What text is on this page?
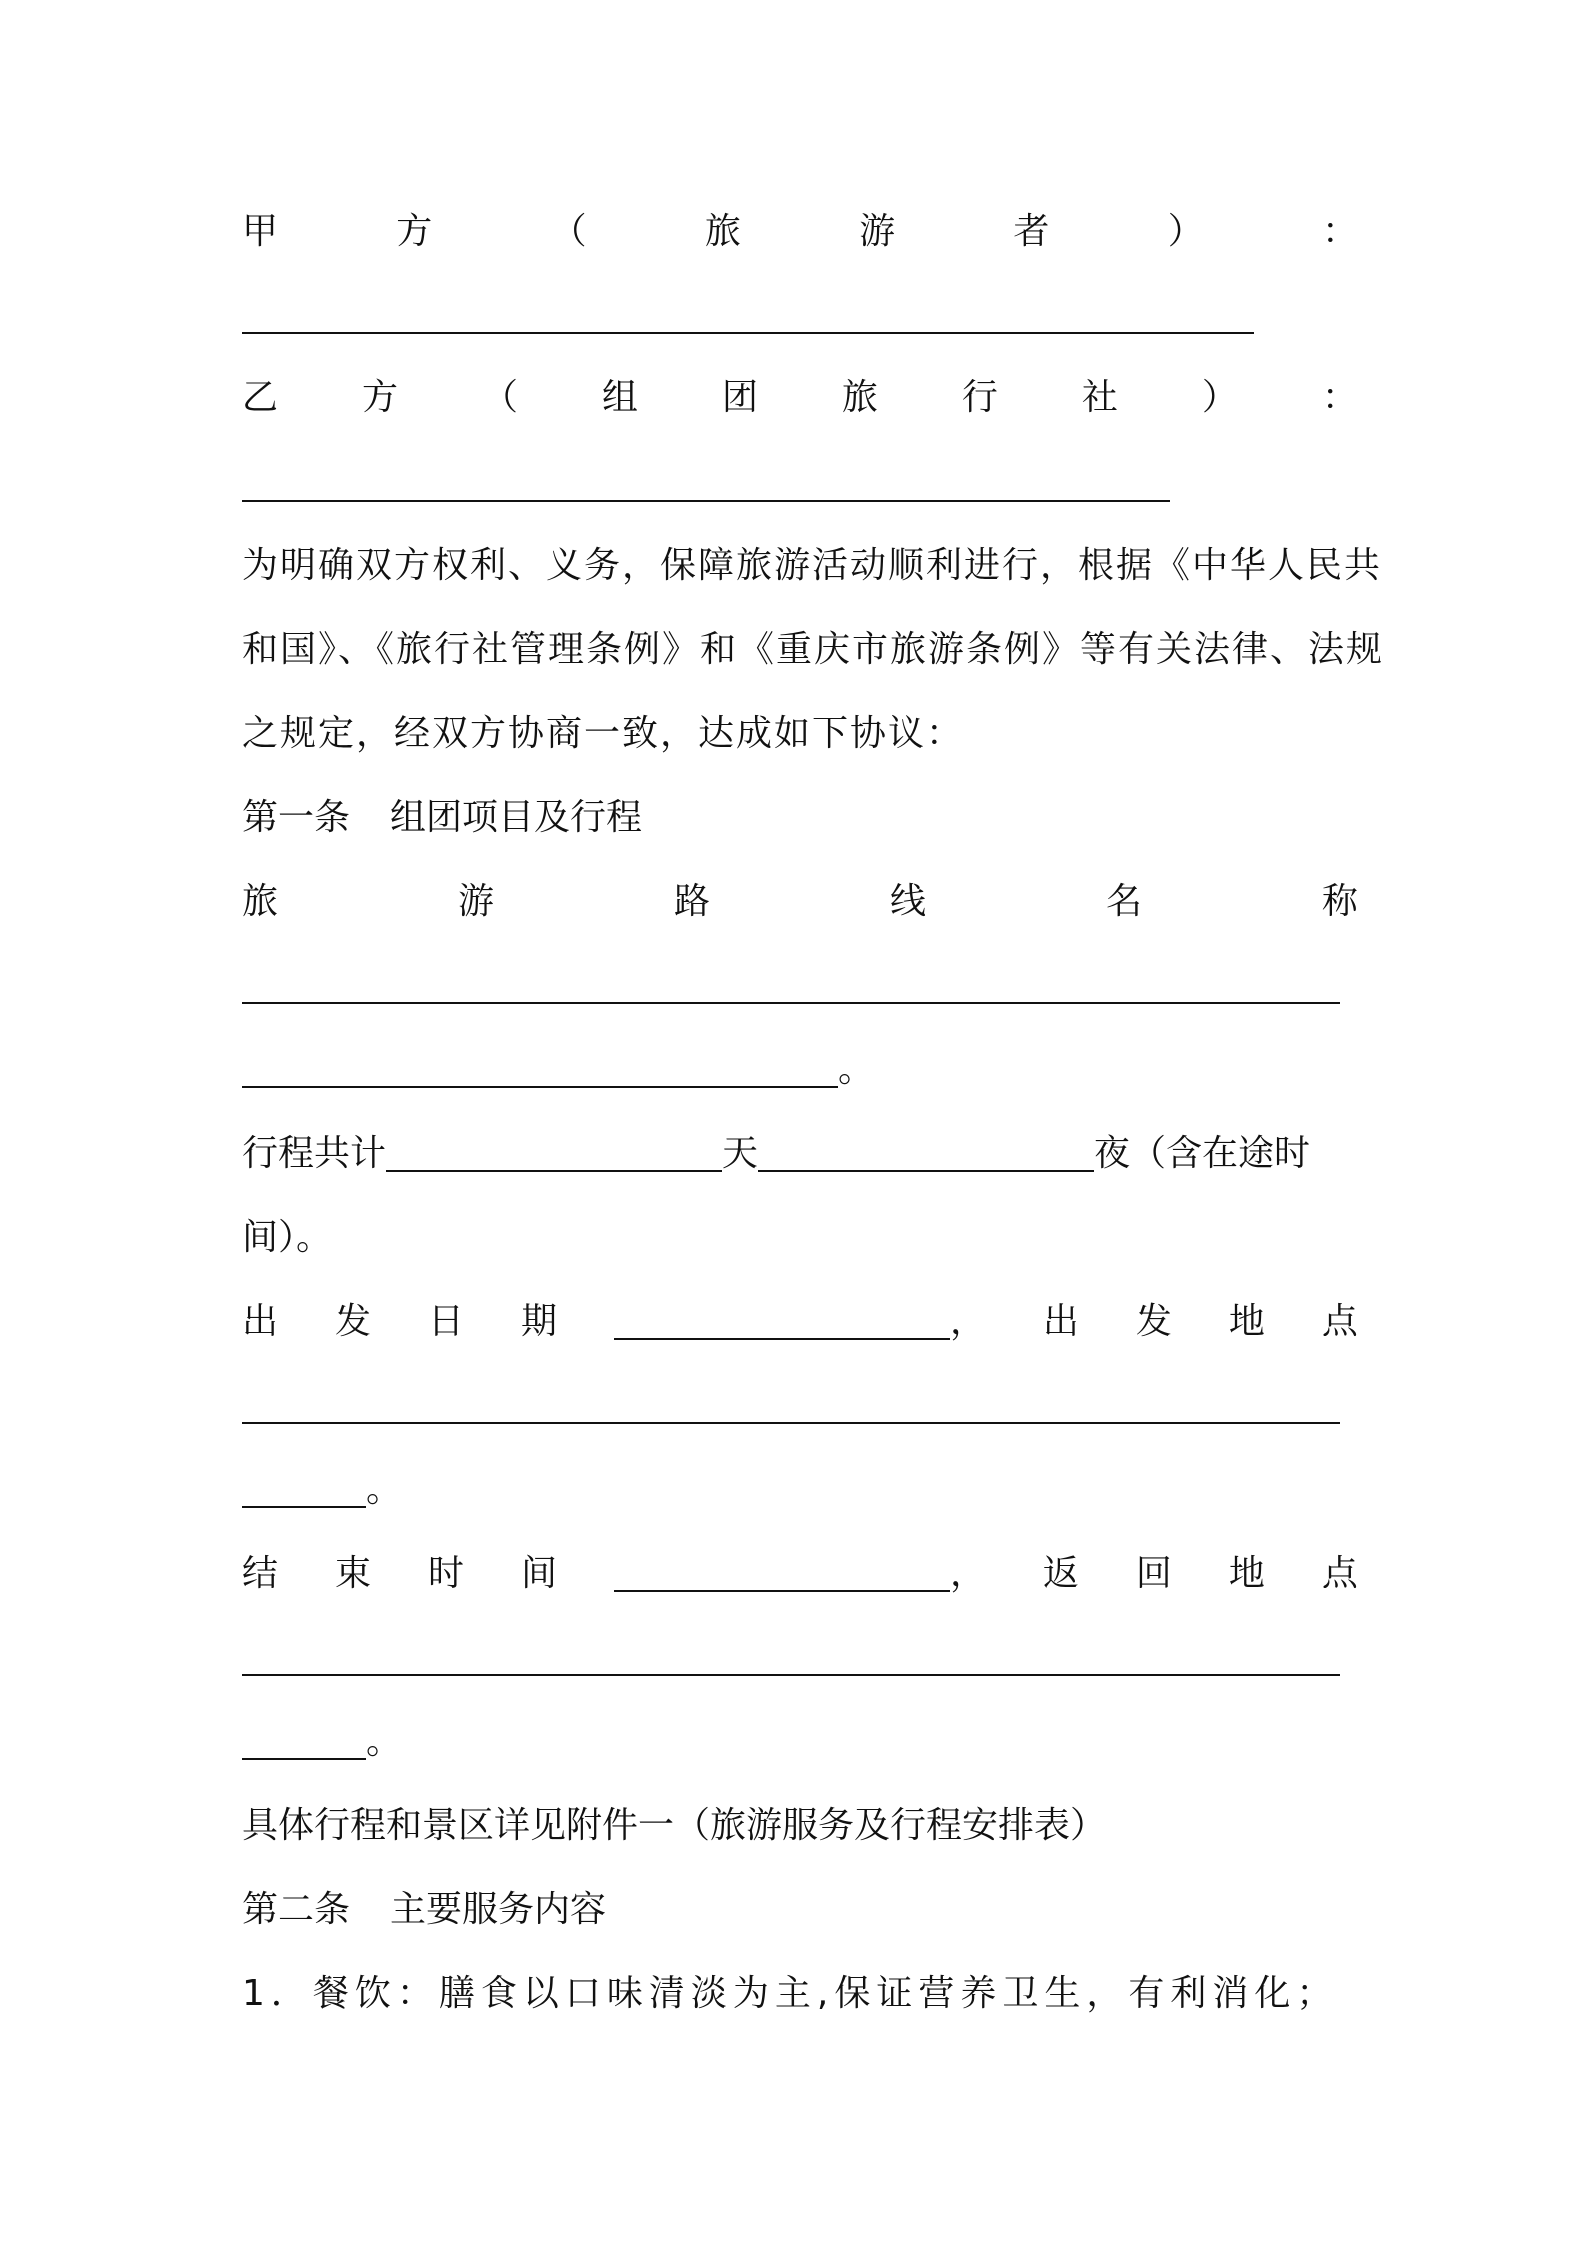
甲	方	（	旅	游	者	）	：
乙 方 （ 组 团 旅 行 社 ） ：
为明确双方权利、义务，保障旅游活动顺利进行，根据《中华人民共
和国》、《旅行社管理条例》和《重庆市旅游条例》等有关法律、法规
之规定，经双方协商一致，达成如下协议：
第一条 组团项目及行程
旅	游	路	线	名	称
。
行程共计	天	夜（含在途时
间）。
出 发 日 期	， 出 发 地 点
。
结 束 时 间	， 返 回 地 点
。
具体行程和景区详见附件一（旅游服务及行程安排表）
第二条 主要服务内容
1．餐饮：膳食以口味清淡为主,保证营养卫生，有利消化；
